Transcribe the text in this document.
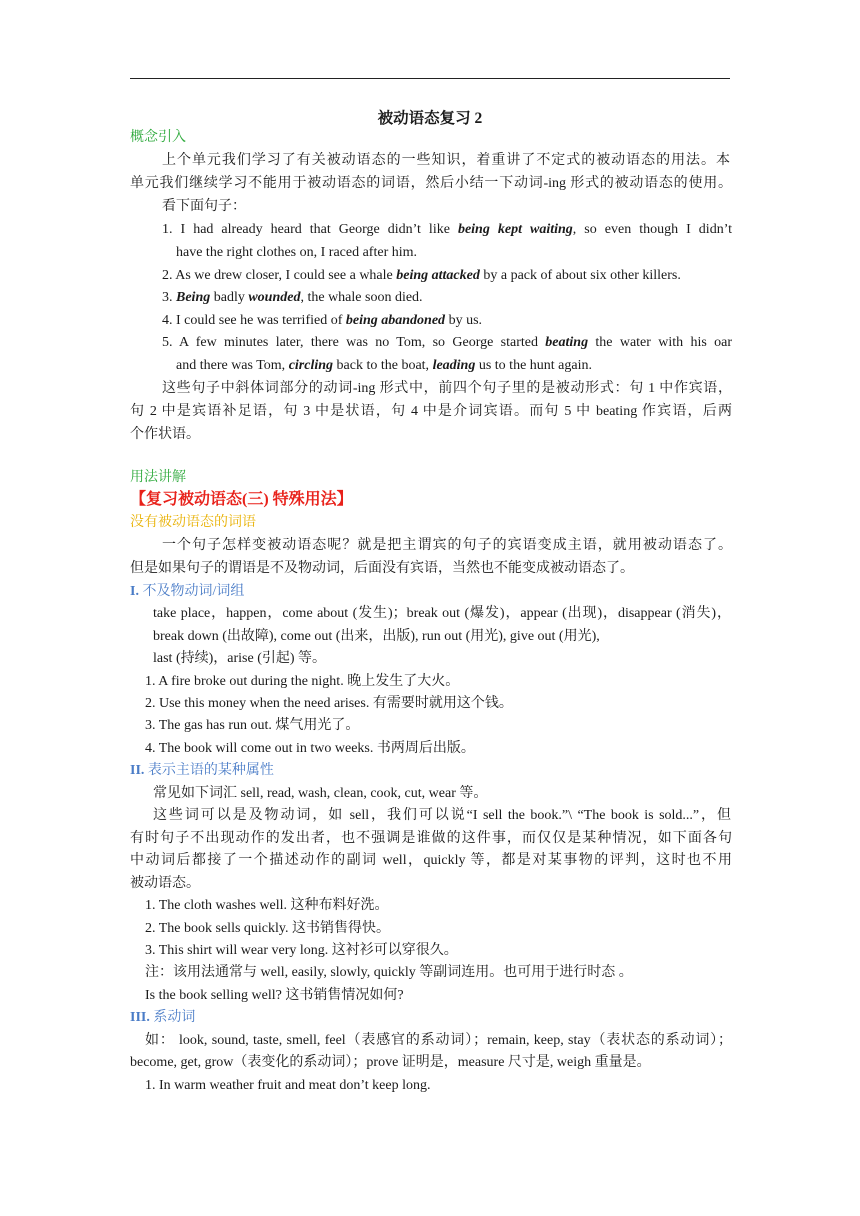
被动语态复习 2
概念引入
上个单元我们学习了有关被动语态的一些知识，着重讲了不定式的被动语态的用法。本
单元我们继续学习不能用于被动语态的词语，然后小结一下动词-ing 形式的被动语态的使用。
看下面句子：
1. I had already heard that George didn’t like being kept waiting, so even though I didn’t
have the right clothes on, I raced after him.
2. As we drew closer, I could see a whale being attacked by a pack of about six other killers.
3. Being badly wounded, the whale soon died.
4. I could see he was terrified of being abandoned by us.
5. A few minutes later, there was no Tom, so George started beating the water with his oar
and there was Tom, circling back to the boat, leading us to the hunt again.
这些句子中斜体词部分的动词-ing 形式中，前四个句子里的是被动形式：句 1 中作宾语，
句 2 中是宾语补足语，句 3 中是状语，句 4 中是介词宾语。而句 5 中 beating 作宾语，后两
个作状语。
用法讲解
【复习被动语态(三) 特殊用法】
没有被动语态的词语
一个句子怎样变被动语态呢？就是把主谓宾的句子的宾语变成主语，就用被动语态了。
但是如果句子的谓语是不及物动词，后面没有宾语，当然也不能变成被动语态了。
I. 不及物动词/词组
take place，happen，come about (发生)；break out (爆发)，appear (出现)，disappear (消失)，
break down (出故障), come out (出来，出版), run out (用光), give out (用光),
last (持续)，arise (引起) 等。
1. A fire broke out during the night. 晚上发生了大火。
2. Use this money when the need arises. 有需要时就用这个钱。
3. The gas has run out. 煤气用光了。
4. The book will come out in two weeks. 书两周后出版。
II. 表示主语的某种属性
常见如下词汇 sell, read, wash, clean, cook, cut, wear 等。
这些词可以是及物动词，如 sell，我们可以说“I sell the book.”\ “The book is sold...”，但
有时句子不出现动作的发出者，也不强调是谁做的这件事，而仅仅是某种情况，如下面各句
中动词后都接了一个描述动作的副词 well，quickly 等，都是对某事物的评判，这时也不用
被动语态。
1. The cloth washes well. 这种布料好洗。
2. The book sells quickly. 这书销售得快。
3. This shirt will wear very long. 这衬衫可以穿很久。
注：该用法通常与 well, easily, slowly, quickly 等副词连用。也可用于进行时态 。
Is the book selling well? 这书销售情况如何?
III. 系动词
如： look, sound, taste, smell, feel（表感官的系动词）；remain, keep, stay（表状态的系动词）；
become, get, grow（表变化的系动词）；prove 证明是，measure 尺寸是, weigh 重量是。
1. In warm weather fruit and meat don’t keep long.
